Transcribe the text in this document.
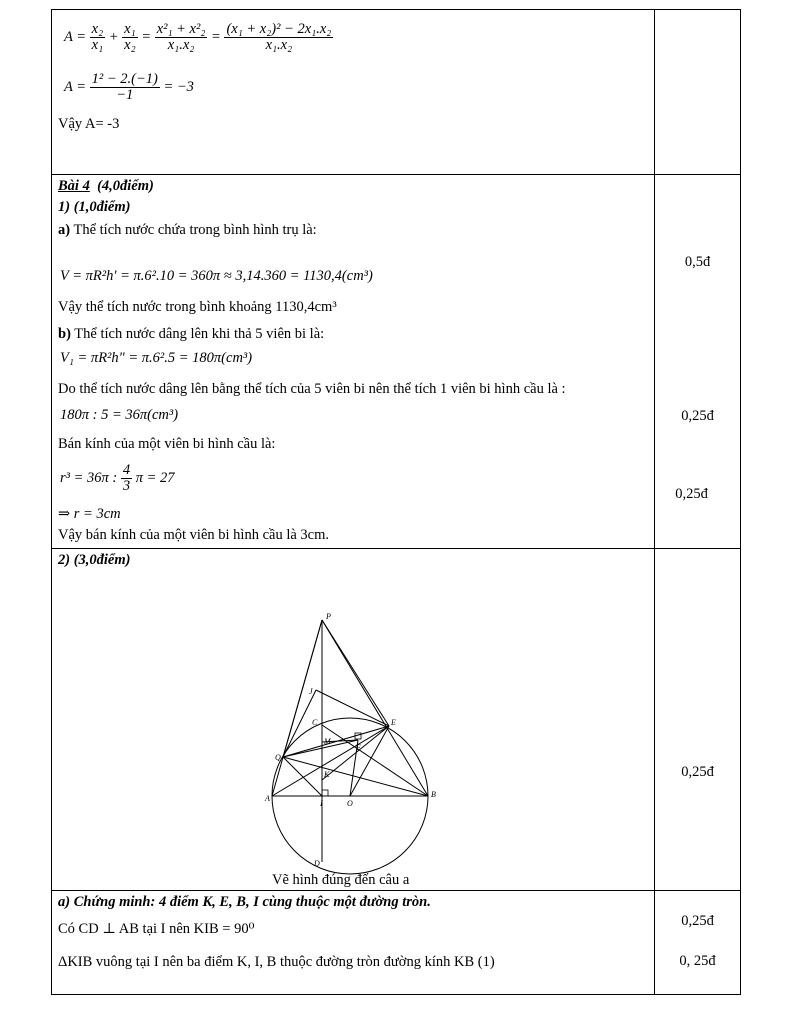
$A = \frac{\text{x₂}}{\text{x₁}} + \frac{\text{x₁}}{\text{x₂}} = \frac{\text{x²₁ + x²₂}}{\text{x₁.x₂}} = \frac{\text{(x₁ + x₂)² − 2x₁.x₂}}{\text{x₁.x₂}}$
$A = \frac{\text{1² − 2.(−1)}}{-1} = -3$
Vậy A= -3
Bài 4 (4,0điểm)
1) (1,0điểm)
a) Thể tích nước chứa trong bình hình trụ là:
V = πR²h' = π.6².10 = 360π ≈ 3,14.360 = 1130,4(cm³)
Vậy thể tích nước trong bình khoảng 1130,4cm³
b) Thể tích nước dâng lên khi thả 5 viên bi là:
V₁ = πR²h" = π.6².5 = 180π(cm³)
Do thể tích nước dâng lên bằng thể tích của 5 viên bi nên thể tích 1 viên bi hình cầu là :
180π : 5 = 36π(cm³)
Bán kính của một viên bi hình cầu là:
r³ = 36π : $\frac{4}{3}$ π = 27
⇒ r = 3cm
Vậy bán kính của một viên bi hình cầu là 3cm.
2) (3,0điểm)
P
J
C	E
M
F
Q
K
A
I	O
B
D
Vẽ hình đúng đến câu a
a) Chứng minh: 4 điểm K, E, B, I cùng thuộc một đường tròn.
Có CD ⊥ AB tại I nên KIB = 90⁰
ΔKIB vuông tại I nên ba điểm K, I, B thuộc đường tròn đường kính KB (1)
0,5đ
0,25đ
0,25đ
0,25đ
0,25đ
0, 25đ
